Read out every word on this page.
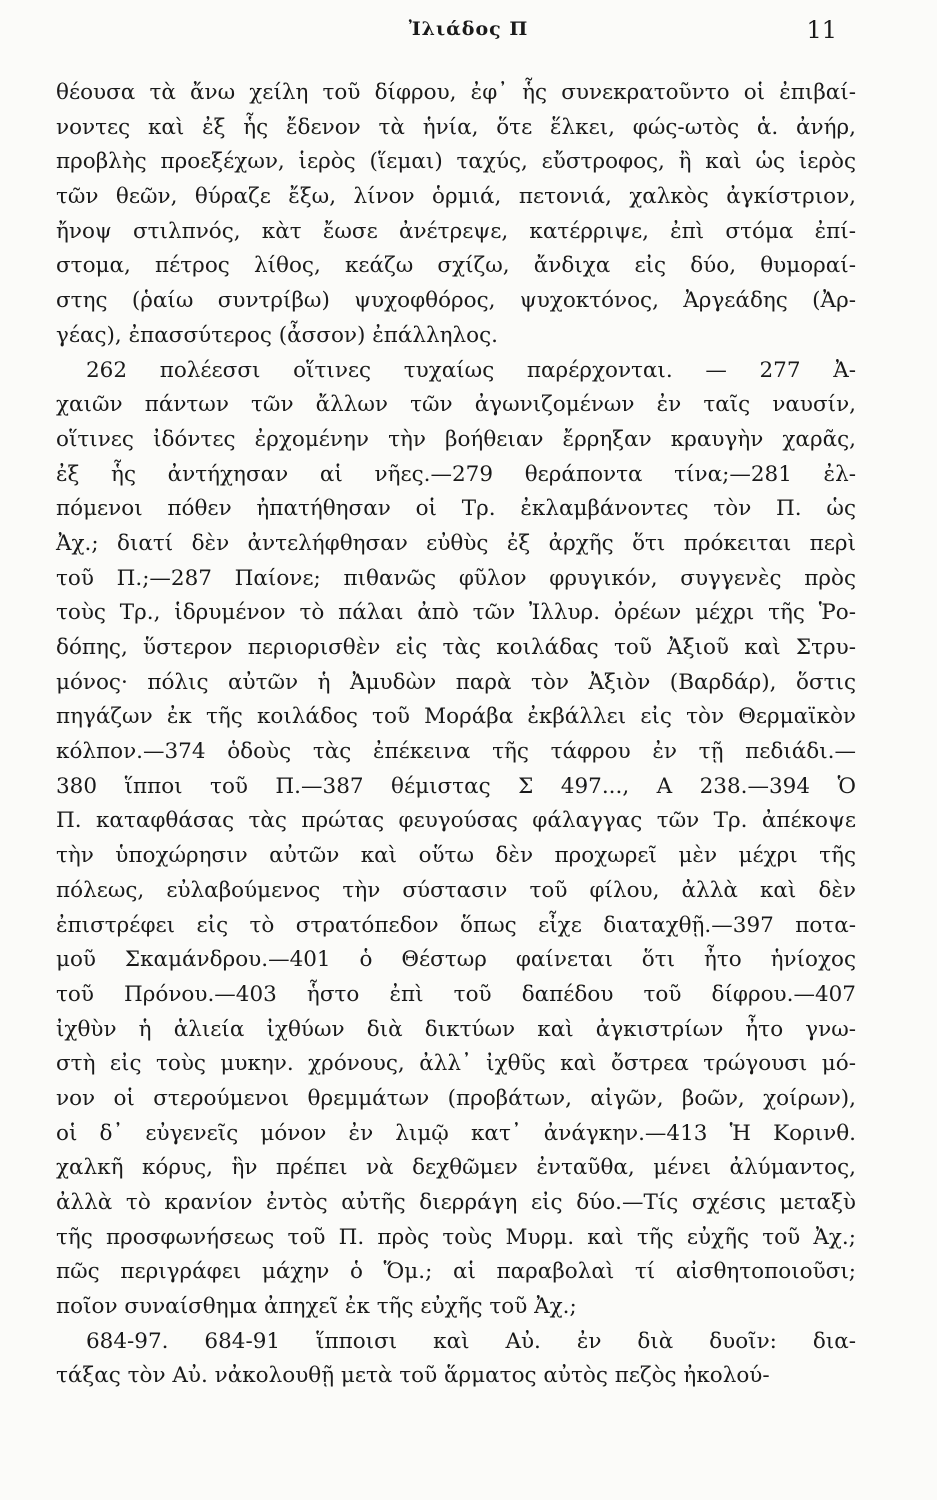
Ἰλιάδος Π	11
θέουσα τὰ ἄνω χείλη τοῦ δίφρου, ἐφ᾽ ἧς συνεκρατοῦντο οἱ ἐπιβαί-
νοντες καὶ ἐξ ἧς ἔδενον τὰ ἡνία, ὅτε ἕλκει, φώς-ωτὸς ἁ. ἀνήρ,
προβλὴς προεξέχων, ἱερὸς (ἵεμαι) ταχύς, εὔστροφος, ἢ καὶ ὡς ἱερὸς
τῶν θεῶν, θύραζε ἔξω, λίνον ὁρμιά, πετονιά, χαλκὸς ἀγκίστριον,
ἤνοψ στιλπνός, κὰτ ἔωσε ἀνέτρεψε, κατέρριψε, ἐπὶ στόμα ἐπί-
στομα, πέτρος λίθος, κεάζω σχίζω, ἄνδιχα εἰς δύο, θυμοραί-
στης (ῥαίω συντρίβω) ψυχοφθόρος, ψυχοκτόνος, Ἀργεάδης (Ἀρ-
γέας), ἐπασσύτερος (ἆσσον) ἐπάλληλος.
262 πολέεσσι οἵτινες τυχαίως παρέρχονται. — 277 Ἀ-
χαιῶν πάντων τῶν ἄλλων τῶν ἀγωνιζομένων ἐν ταῖς ναυσίν,
οἵτινες ἰδόντες ἐρχομένην τὴν βοήθειαν ἔρρηξαν κραυγὴν χαρᾶς,
ἐξ ἧς ἀντήχησαν αἱ νῆες.—279 θεράποντα τίνα;—281 ἐλ-
πόμενοι πόθεν ἠπατήθησαν οἱ Τρ. ἐκλαμβάνοντες τὸν Π. ὡς
Ἀχ.; διατί δὲν ἀντελήφθησαν εὐθὺς ἐξ ἀρχῆς ὅτι πρόκειται περὶ
τοῦ Π.;—287 Παίονε; πιθανῶς φῦλον φρυγικόν, συγγενὲς πρὸς
τοὺς Τρ., ἱδρυμένον τὸ πάλαι ἀπὸ τῶν Ἰλλυρ. ὀρέων μέχρι τῆς Ῥο-
δόπης, ὕστερον περιορισθὲν εἰς τὰς κοιλάδας τοῦ Ἀξιοῦ καὶ Στρυ-
μόνος· πόλις αὐτῶν ἡ Ἀμυδὼν παρὰ τὸν Ἀξιὸν (Βαρδάρ), ὅστις
πηγάζων ἐκ τῆς κοιλάδος τοῦ Μοράβα ἐκβάλλει εἰς τὸν Θερμαϊκὸν
κόλπον.—374 ὁδοὺς τὰς ἐπέκεινα τῆς τάφρου ἐν τῇ πεδιάδι.—
380 ἵπποι τοῦ Π.—387 θέμιστας Σ 497..., Α 238.—394 Ὁ
Π. καταφθάσας τὰς πρώτας φευγούσας φάλαγγας τῶν Τρ. ἀπέκοψε
τὴν ὑποχώρησιν αὐτῶν καὶ οὕτω δὲν προχωρεῖ μὲν μέχρι τῆς
πόλεως, εὐλαβούμενος τὴν σύστασιν τοῦ φίλου, ἀλλὰ καὶ δὲν
ἐπιστρέφει εἰς τὸ στρατόπεδον ὅπως εἶχε διαταχθῇ.—397 ποτα-
μοῦ Σκαμάνδρου.—401 ὁ Θέστωρ φαίνεται ὅτι ἦτο ἡνίοχος
τοῦ Πρόνου.—403 ἧστο ἐπὶ τοῦ δαπέδου τοῦ δίφρου.—407
ἰχθὺν ἡ ἁλιεία ἰχθύων διὰ δικτύων καὶ ἀγκιστρίων ἦτο γνω-
στὴ εἰς τοὺς μυκην. χρόνους, ἀλλ᾽ ἰχθῦς καὶ ὄστρεα τρώγουσι μό-
νον οἱ στερούμενοι θρεμμάτων (προβάτων, αἰγῶν, βοῶν, χοίρων),
οἱ δ᾽ εὐγενεῖς μόνον ἐν λιμῷ κατ᾽ ἀνάγκην.—413 Ἡ Κορινθ.
χαλκῆ κόρυς, ἣν πρέπει νὰ δεχθῶμεν ἐνταῦθα, μένει ἀλύμαντος,
ἀλλὰ τὸ κρανίον ἐντὸς αὐτῆς διερράγη εἰς δύο.—Τίς σχέσις μεταξὺ
τῆς προσφωνήσεως τοῦ Π. πρὸς τοὺς Μυρμ. καὶ τῆς εὐχῆς τοῦ Ἀχ.;
πῶς περιγράφει μάχην ὁ Ὅμ.; αἱ παραβολαὶ τί αἰσθητοποιοῦσι;
ποῖον συναίσθημα ἀπηχεῖ ἐκ τῆς εὐχῆς τοῦ Ἀχ.;
684-97. 684-91 ἵπποισι καὶ Αὐ. ἐν διὰ δυοῖν: δια-
τάξας τὸν Αὐ. νἀκολουθῇ μετὰ τοῦ ἅρματος αὐτὸς πεζὸς ἠκολού-
